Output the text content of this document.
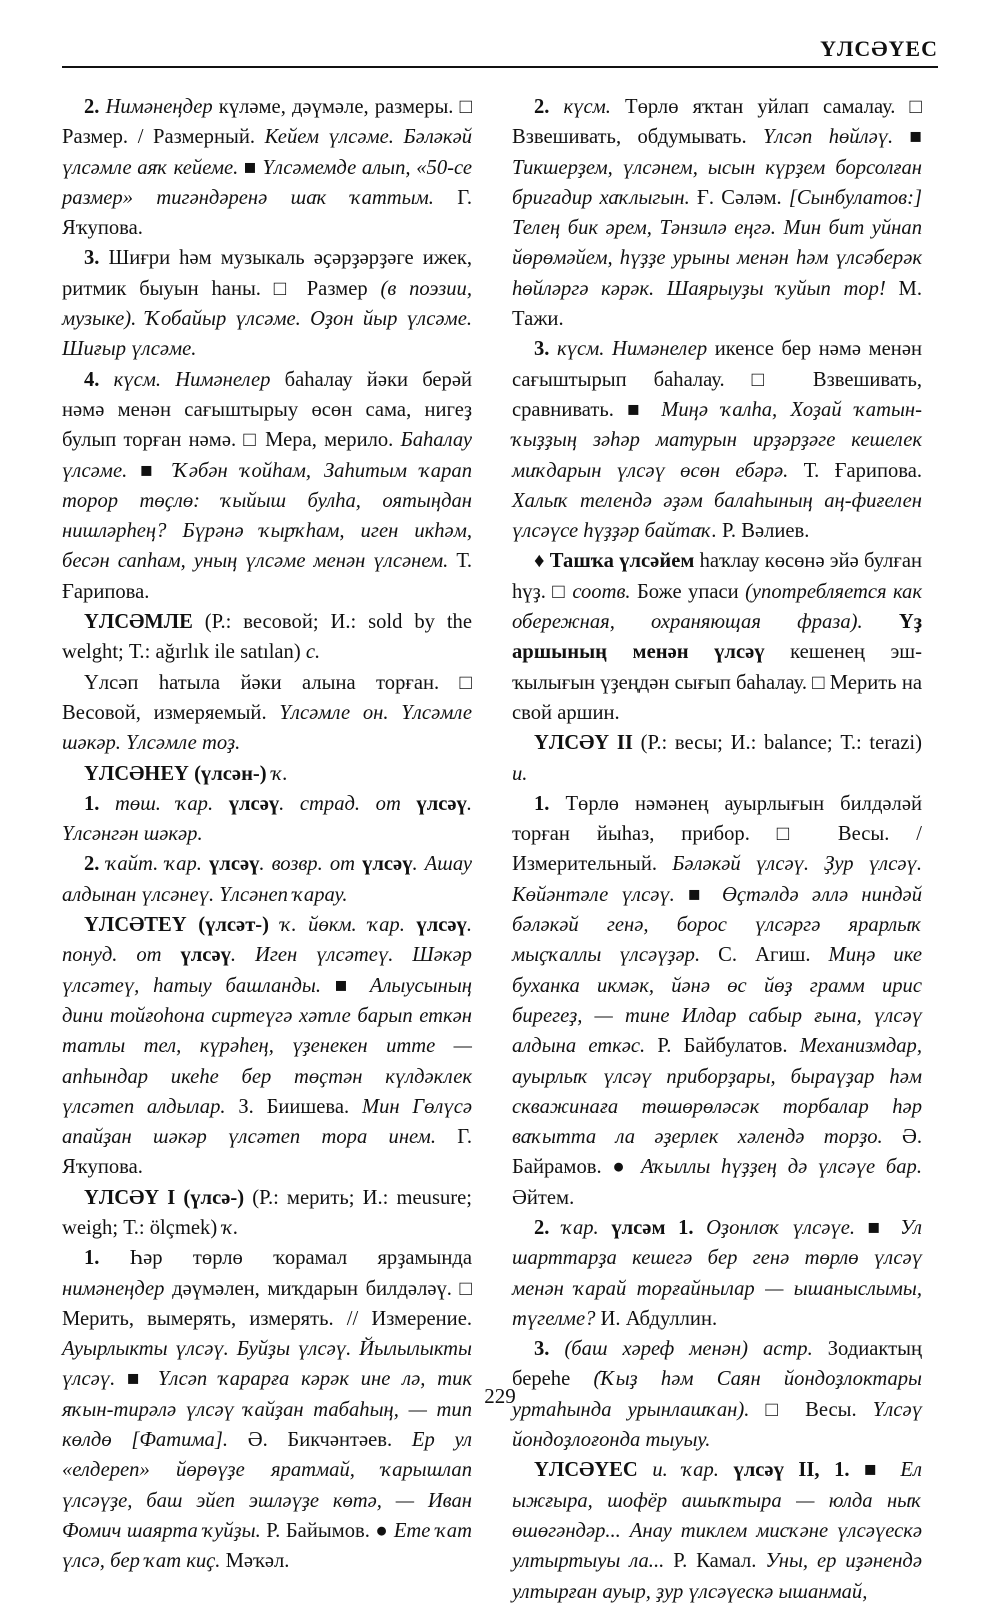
ҮЛСӘҮЕС

2. Нимәнеңдер күләме, дәүмәле, размеры. □ Размер. / Размерный. Кейем үлсәме. Бәләкәй үлсәмле аяҡ кейеме. ■ Үлсәмемде алып, «50-се размер» тигәндәренә шаҡ ҡаттым. Г. Яҡупова.

3. Шиғри һәм музыкаль әҫәрҙәрҙәге ижек, ритмик быуын һаны. □ Размер (в поэзии, музыке). Ҡобайыр үлсәме. Оҙон йыр үлсәме. Шиғыр үлсәме.

4. күсм. Нимәнелер баһалау йәки берәй нәмә менән сағыштырыу өсөн сама, нигеҙ булып торған нәмә. □ Мера, мерило. Баһалау үлсәме. ■ Ҡәбән ҡойһам, Заһитым ҡарап торор төҫлө: ҡыйыш булһа, оятыңдан нишләрһең? Бүрәнә ҡырҡһам, иген икһәм, бесән сапһам, уның үлсәме менән үлсәнем. Т. Ғарипова.

ҮЛСӘМЛЕ (Р.: весовой; И.: sold by the welght; Т.: ağırlık ile satılan) с.

Үлсәп һатыла йәки алына торған. □ Весовой, измеряемый. Үлсәмле он. Үлсәмле шәкәр. Үлсәмле тоҙ.

ҮЛСӘНЕҮ (үлсән-) ҡ.

1. төш. ҡар. үлсәү. страд. от үлсәү. Үлсәнгән шәкәр.

2. ҡайт. ҡар. үлсәү. возвр. от үлсәү. Ашау алдынан үлсәнеү. Үлсәнеп ҡарау.

ҮЛСӘТЕҮ (үлсәт-) ҡ. йөкм. ҡар. үлсәү. понуд. от үлсәү. Иген үлсәтеү. Шәкәр үлсәтеү, һатыу башланды. ■ Алыусының дини тойғоһона сиртеүгә хәтле барып еткән татлы тел, күрәһең, үҙенекен итте — апһындар икеһе бер төҫтән күлдәклек үлсәтеп алдылар. З. Биишева. Мин Гөлүсә апайҙан шәкәр үлсәтеп тора инем. Г. Яҡупова.

ҮЛСӘҮ I (үлсә-) (Р.: мерить; И.: meusure; weigh; Т.: ölçmek) ҡ.

1. Һәр төрлө ҡорамал ярҙамында нимәнеңдер дәүмәлен, миҡдарын билдәләү. □ Мерить, вымерять, измерять. // Измерение. Ауырлыкты үлсәү. Буйҙы үлсәү. Йылылыкты үлсәү. ■ Үлсәп ҡарарға кәрәк ине лә, тик яҡын-тирәлә үлсәү ҡайҙан табаһың, — тип көлдө [Фатима]. Ә. Бикчәнтәев. Ер ул «елдереп» йөрөүҙе яратмай, ҡарышлап үлсәүҙе, баш эйеп эшләүҙе көтә, — Иван Фомич шаярта ҡуйҙы. Р. Байымов. ● Ете ҡат үлсә, бер ҡат киҫ. Мәҡәл.

2. күсм. Төрлө яҡтан уйлап самалау. □ Взвешивать, обдумывать. Үлсәп һөйләү. ■ Тикшерҙем, үлсәнем, ысын күрҙем борсолған бригадир хаҡлыгын. Ғ. Сәләм. [Сынбулатов:] Телең бик әрем, Тәнзилә еңгә. Мин бит уйнап йөрөмәйем, һүҙҙе урыны менән һәм үлсәберәк һөйләргә кәрәк. Шаярыуҙы ҡуйып тор! М. Тажи.

3. күсм. Нимәнелер икенсе бер нәмә менән сағыштырып баһалау. □ Взвешивать, сравнивать. ■ Миңә ҡалһа, Хоҙай ҡатын-ҡыҙҙың зәһәр матурын ирҙәрҙәге кешелек миҡдарын үлсәү өсөн ебәрә. Т. Ғарипова. Халыҡ телендә әҙәм балаһының аң-фиғелен үлсәүсе һүҙҙәр байтаҡ. Р. Вәлиев.

♦ Ташҡа үлсәйем һаҡлау көсөнә эйә булған һүҙ. □ соотв. Боже упаси (употребляется как обережная, охраняющая фраза). Үҙ аршының менән үлсәү кешенең эш-ҡылығын үҙеңдән сығып баһалау. □ Мерить на свой аршин.

ҮЛСӘҮ II (Р.: весы; И.: balance; Т.: terazi) и.

1. Төрлө нәмәнең ауырлығын билдәләй торған йыһаз, прибор. □ Весы. / Измерительный. Бәләкәй үлсәү. Ҙур үлсәү. Көйәнтәле үлсәү. ■ Өҫтәлдә әллә ниндәй бәләкәй генә, борос үлсәргә ярарлыҡ мыҫҡаллы үлсәүҙәр. С. Агиш. Миңә ике буханка икмәк, йәнә өс йөҙ грамм ирис бирегеҙ, — тине Илдар сабыр ғына, үлсәү алдына еткәс. Р. Байбулатов. Механизмдар, ауырлыҡ үлсәү приборҙары, быраүҙар һәм скважинаға төшөрөләсәк торбалар һәр ваҡытта ла әҙерлек хәлендә торҙо. Ә. Байрамов. ● Аҡыллы һүҙҙең дә үлсәүе бар. Әйтем.

2. ҡар. үлсәм 1. Оҙонлоҡ үлсәүе. ■ Ул шарттарҙа кешегә бер генә төрлө үлсәү менән ҡарай торғайнылар — ышаныслымы, түгелме? И. Абдуллин.

3. (баш хәреф менән) астр. Зодиактың береһе (Ҡыҙ һәм Саян йондоҙлоктары уртаһында урынлашҡан). □ Весы. Үлсәү йондоҙлоғонда тыуыу.

ҮЛСӘҮЕС и. ҡар. үлсәү II, 1. ■ Ел ыжғыра, шофёр ашыҡтыра — юлда ныҡ өшөгәндәр... Анау тиклем мисҡәне үлсәүескә ултыртыуы ла... Р. Камал. Уны, ер иҙәнендә ултырған ауыр, ҙур үлсәүескә ышанмай,

229
